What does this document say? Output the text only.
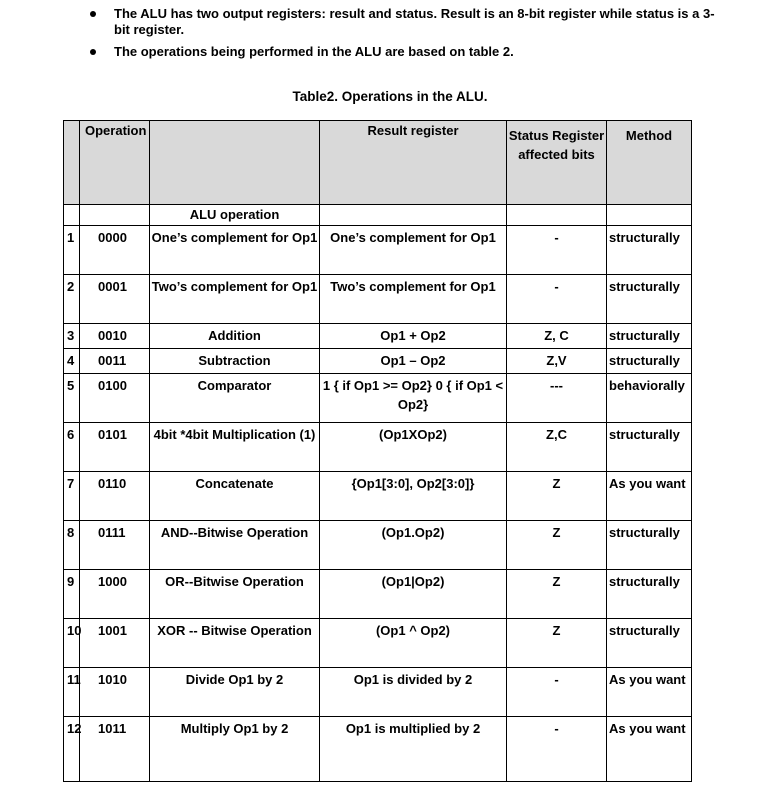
The ALU has two output registers: result and status. Result is an 8-bit register while status is a 3-bit register.
The operations being performed in the ALU are based on table 2.
Table2. Operations in the ALU.
	Operation		Result register	Status Register affected bits	Method
		ALU operation			
1	0000	One’s complement for Op1	One’s complement for Op1	-	structurally
2	0001	Two’s complement for Op1	Two’s complement for Op1	-	structurally
3	0010	Addition	Op1 + Op2	Z, C	structurally
4	0011	Subtraction	Op1 – Op2	Z,V	structurally
5	0100	Comparator	1 { if Op1 >= Op2} 0 { if Op1 < Op2}	---	behaviorally
6	0101	4bit *4bit Multiplication (1)	(Op1XOp2)	Z,C	structurally
7	0110	Concatenate	{Op1[3:0], Op2[3:0]}	Z	As you want
8	0111	AND--Bitwise Operation	(Op1.Op2)	Z	structurally
9	1000	OR--Bitwise Operation	(Op1|Op2)	Z	structurally
10	1001	XOR -- Bitwise Operation	(Op1 ^ Op2)	Z	structurally
11	1010	Divide Op1 by 2	Op1 is divided by 2	-	As you want
12	1011	Multiply Op1 by 2	Op1 is multiplied by 2	-	As you want
